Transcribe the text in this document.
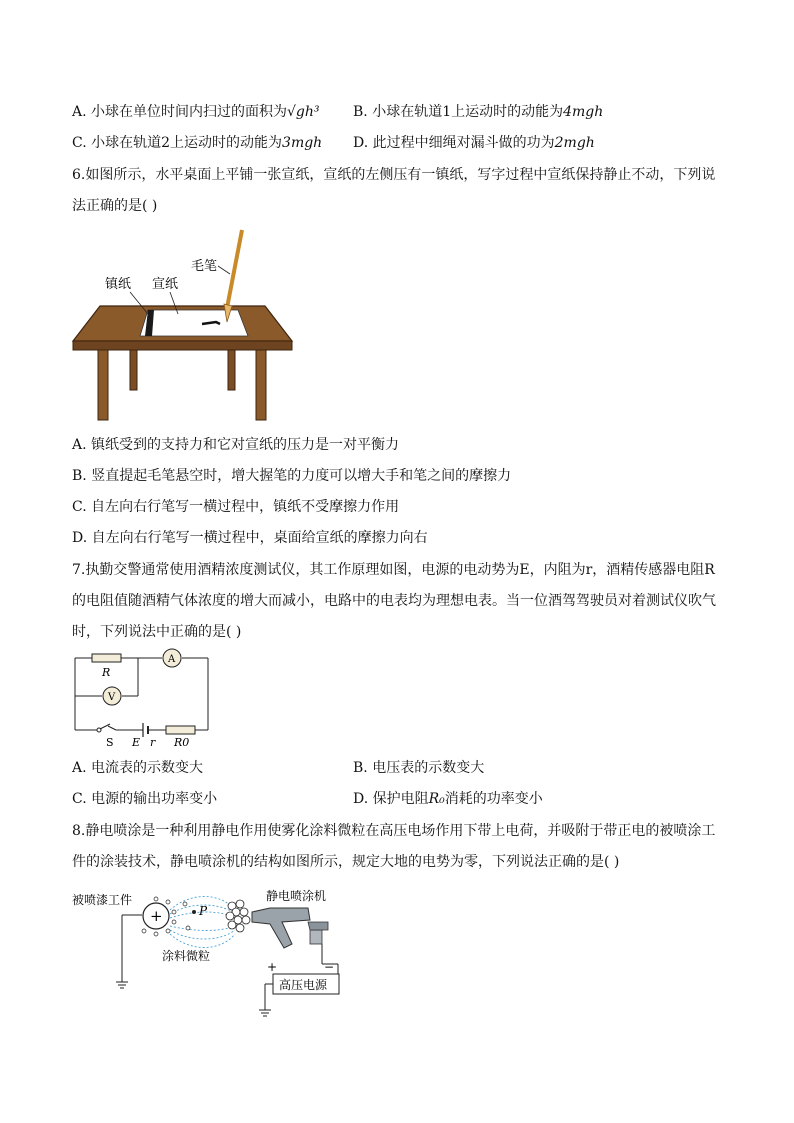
A. 小球在单位时间内扫过的面积为√gh³ B. 小球在轨道1上运动时的动能为4mgh
C. 小球在轨道2上运动时的动能为3mgh D. 此过程中细绳对漏斗做的功为2mgh
6.如图所示，水平桌面上平铺一张宣纸，宣纸的左侧压有一镇纸，写字过程中宣纸保持静止不动，下列说
法正确的是( )
毛笔
镇纸 宣纸
A. 镇纸受到的支持力和它对宣纸的压力是一对平衡力
B. 竖直提起毛笔悬空时，增大握笔的力度可以增大手和笔之间的摩擦力
C. 自左向右行笔写一横过程中，镇纸不受摩擦力作用
D. 自左向右行笔写一横过程中，桌面给宣纸的摩擦力向右
7.执勤交警通常使用酒精浓度测试仪，其工作原理如图，电源的电动势为E，内阻为r，酒精传感器电阻R
的电阻值随酒精气体浓度的增大而减小，电路中的电表均为理想电表。当一位酒驾驾驶员对着测试仪吹气
时，下列说法中正确的是( )
R
A
V
S E r R0
A. 电流表的示数变大	B. 电压表的示数变大
C. 电源的输出功率变小	D. 保护电阻R₀消耗的功率变小
8.静电喷涂是一种利用静电作用使雾化涂料微粒在高压电场作用下带上电荷，并吸附于带正电的被喷涂工
件的涂装技术，静电喷涂机的结构如图所示，规定大地的电势为零，下列说法正确的是( )
被喷漆工件
+	P
涂料微粒
静电喷涂机
高压电源
+	−
